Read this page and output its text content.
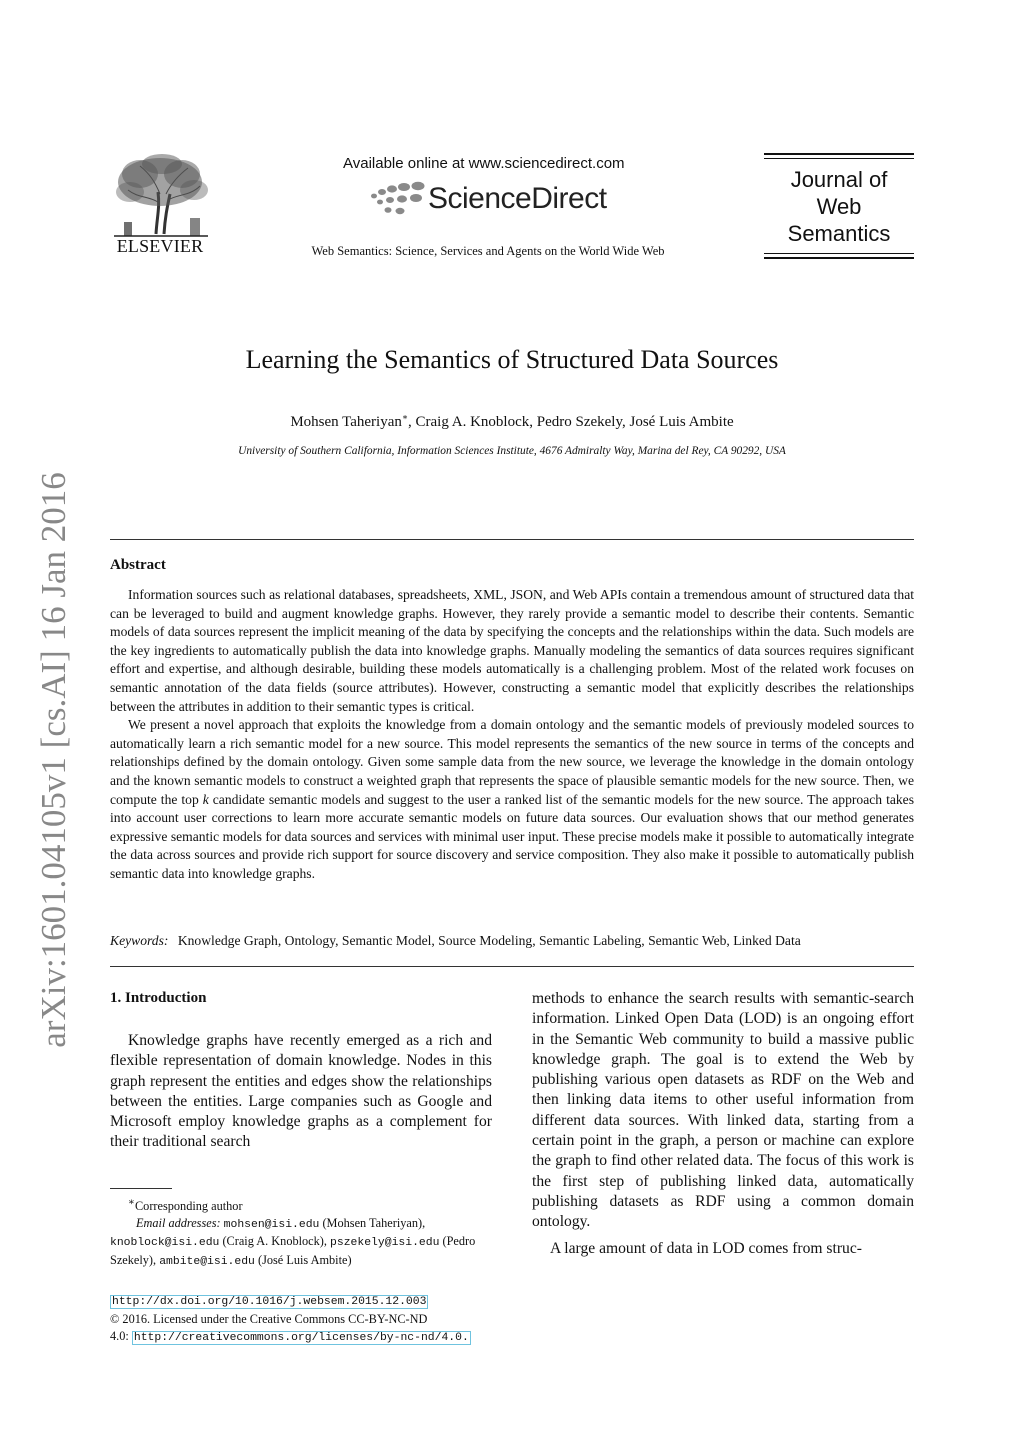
arXiv:1601.04105v1 [cs.AI] 16 Jan 2016
ELSEVIER
Available online at www.sciencedirect.com
ScienceDirect
Web Semantics: Science, Services and Agents on the World Wide Web
Journal of
Web
Semantics
Learning the Semantics of Structured Data Sources
Mohsen Taheriyan∗, Craig A. Knoblock, Pedro Szekely, José Luis Ambite
University of Southern California, Information Sciences Institute, 4676 Admiralty Way, Marina del Rey, CA 90292, USA
Abstract

Information sources such as relational databases, spreadsheets, XML, JSON, and Web APIs contain a tremendous amount of structured data that can be leveraged to build and augment knowledge graphs. However, they rarely provide a semantic model to describe their contents. Semantic models of data sources represent the implicit meaning of the data by specifying the concepts and the relationships within the data. Such models are the key ingredients to automatically publish the data into knowledge graphs. Manually modeling the semantics of data sources requires significant effort and expertise, and although desirable, building these models automatically is a challenging problem. Most of the related work focuses on semantic annotation of the data fields (source attributes). However, constructing a semantic model that explicitly describes the relationships between the attributes in addition to their semantic types is critical.

We present a novel approach that exploits the knowledge from a domain ontology and the semantic models of previously modeled sources to automatically learn a rich semantic model for a new source. This model represents the semantics of the new source in terms of the concepts and relationships defined by the domain ontology. Given some sample data from the new source, we leverage the knowledge in the domain ontology and the known semantic models to construct a weighted graph that represents the space of plausible semantic models for the new source. Then, we compute the top k candidate semantic models and suggest to the user a ranked list of the semantic models for the new source. The approach takes into account user corrections to learn more accurate semantic models on future data sources. Our evaluation shows that our method generates expressive semantic models for data sources and services with minimal user input. These precise models make it possible to automatically integrate the data across sources and provide rich support for source discovery and service composition. They also make it possible to automatically publish semantic data into knowledge graphs.

Keywords: Knowledge Graph, Ontology, Semantic Model, Source Modeling, Semantic Labeling, Semantic Web, Linked Data
1. Introduction

Knowledge graphs have recently emerged as a rich and flexible representation of domain knowledge. Nodes in this graph represent the entities and edges show the relationships between the entities. Large companies such as Google and Microsoft employ knowledge graphs as a complement for their traditional search

methods to enhance the search results with semantic-search information. Linked Open Data (LOD) is an ongoing effort in the Semantic Web community to build a massive public knowledge graph. The goal is to extend the Web by publishing various open datasets as RDF on the Web and then linking data items to other useful information from different data sources. With linked data, starting from a certain point in the graph, a person or machine can explore the graph to find other related data. The focus of this work is the first step of publishing linked data, automatically publishing datasets as RDF using a common domain ontology.

A large amount of data in LOD comes from struc-

∗Corresponding author

Email addresses: mohsen@isi.edu (Mohsen Taheriyan), knoblock@isi.edu (Craig A. Knoblock), pszekely@isi.edu (Pedro Szekely), ambite@isi.edu (José Luis Ambite)

http://dx.doi.org/10.1016/j.websem.2015.12.003

© 2016. Licensed under the Creative Commons CC-BY-NC-ND

4.0: http://creativecommons.org/licenses/by-nc-nd/4.0.
